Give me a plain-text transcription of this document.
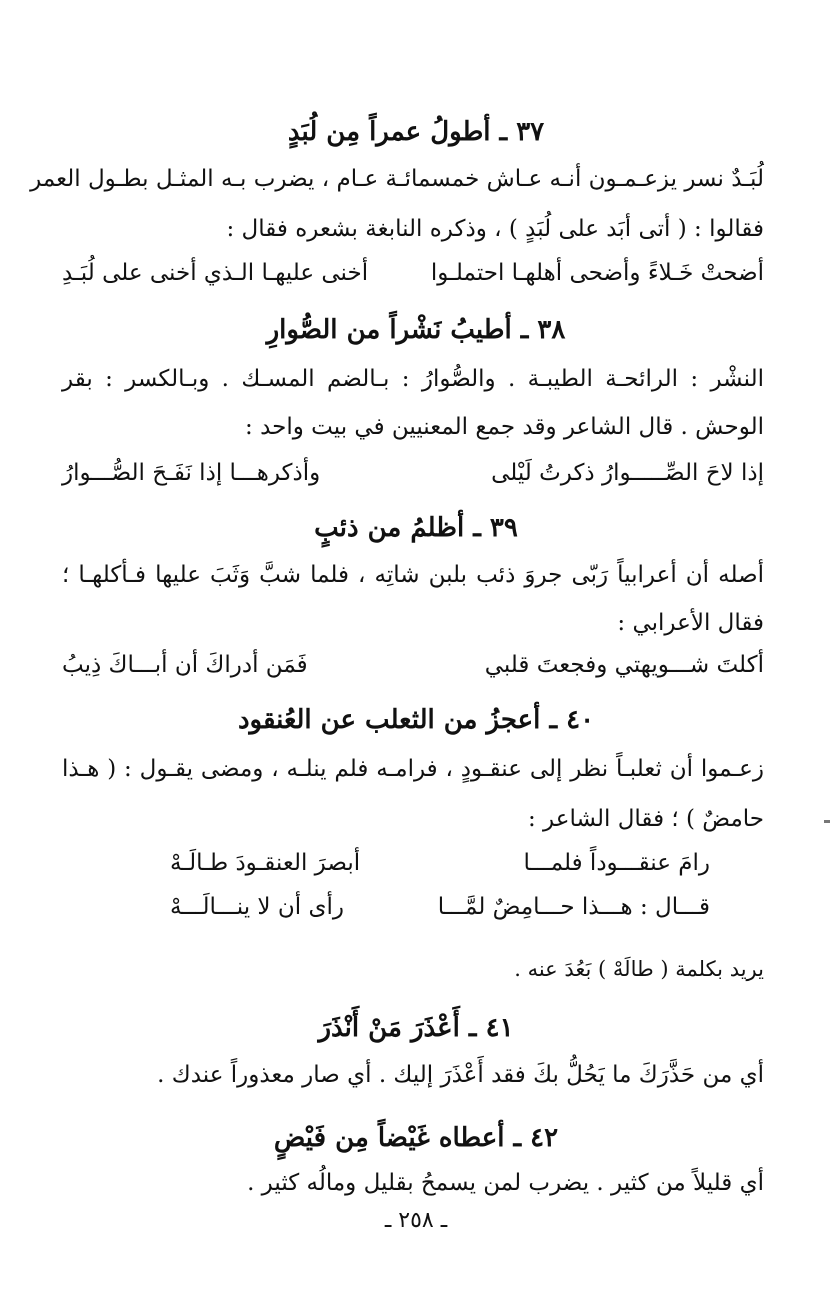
٣٧ ـ أطولُ عمراً مِن لُبَدٍ
لُبَـدٌ نسر يزعـمـون أنـه عـاش خمسمائـة عـام ، يضرب بـه المثـل بطـول العمر
فقالوا : ( أتى أبَد على لُبَدٍ ) ، وذكره النابغة بشعره فقال :
أضحتْ خَـلاءً وأضحى أهلهـا احتملـوا
أخنى عليهـا الـذي أخنى على لُبَـدِ
٣٨ ـ أطيبُ نَشْراً من الصُّوارِ
النشْر : الرائحـة الطيبـة . والصُّوارُ : بـالضم المسـك . وبـالكسر : بقر
الوحش . قال الشاعر وقد جمع المعنيين في بيت واحد :
إذا لاحَ الصِّـــــوارُ ذكرتُ لَيْلى
وأذكرهـــا إذا نَفَـحَ الصُّـــوارُ
٣٩ ـ أظلمُ من ذئبٍ
أصله أن أعرابياً رَبّى جروَ ذئب بلبن شاتِه ، فلما شبَّ وَثَبَ عليها فـأكلهـا ؛
فقال الأعرابي :
أكلتَ شـــويهتي وفجعتَ قلبي
فَمَن أدراكَ أن أبـــاكَ ذِيبُ
٤٠ ـ أعجزُ من الثعلب عن العُنقود
زعـموا أن ثعلبـاً نظر إلى عنقـودٍ ، فرامـه فلم ينلـه ، ومضى يقـول : ( هـذا
حامضٌ ) ؛ فقال الشاعر :
رامَ عنقـــوداً فلمـــا
أبصرَ العنقـودَ طـالَـهْ
قـــال : هـــذا حـــامِضٌ لمَّـــا
رأى أن لا ينـــالَـــهْ
يريد بكلمة ( طالَهْ ) بَعُدَ عنه .
٤١ ـ أَعْذَرَ مَنْ أَنْذَرَ
أي من حَذَّرَكَ ما يَحُلُّ بكَ فقد أَعْذَرَ إليك . أي صار معذوراً عندك .
٤٢ ـ أعطاه غَيْضاً مِن فَيْضٍ
أي قليلاً من كثير . يضرب لمن يسمحُ بقليل ومالُه كثير .
ـ ٢٥٨ ـ
